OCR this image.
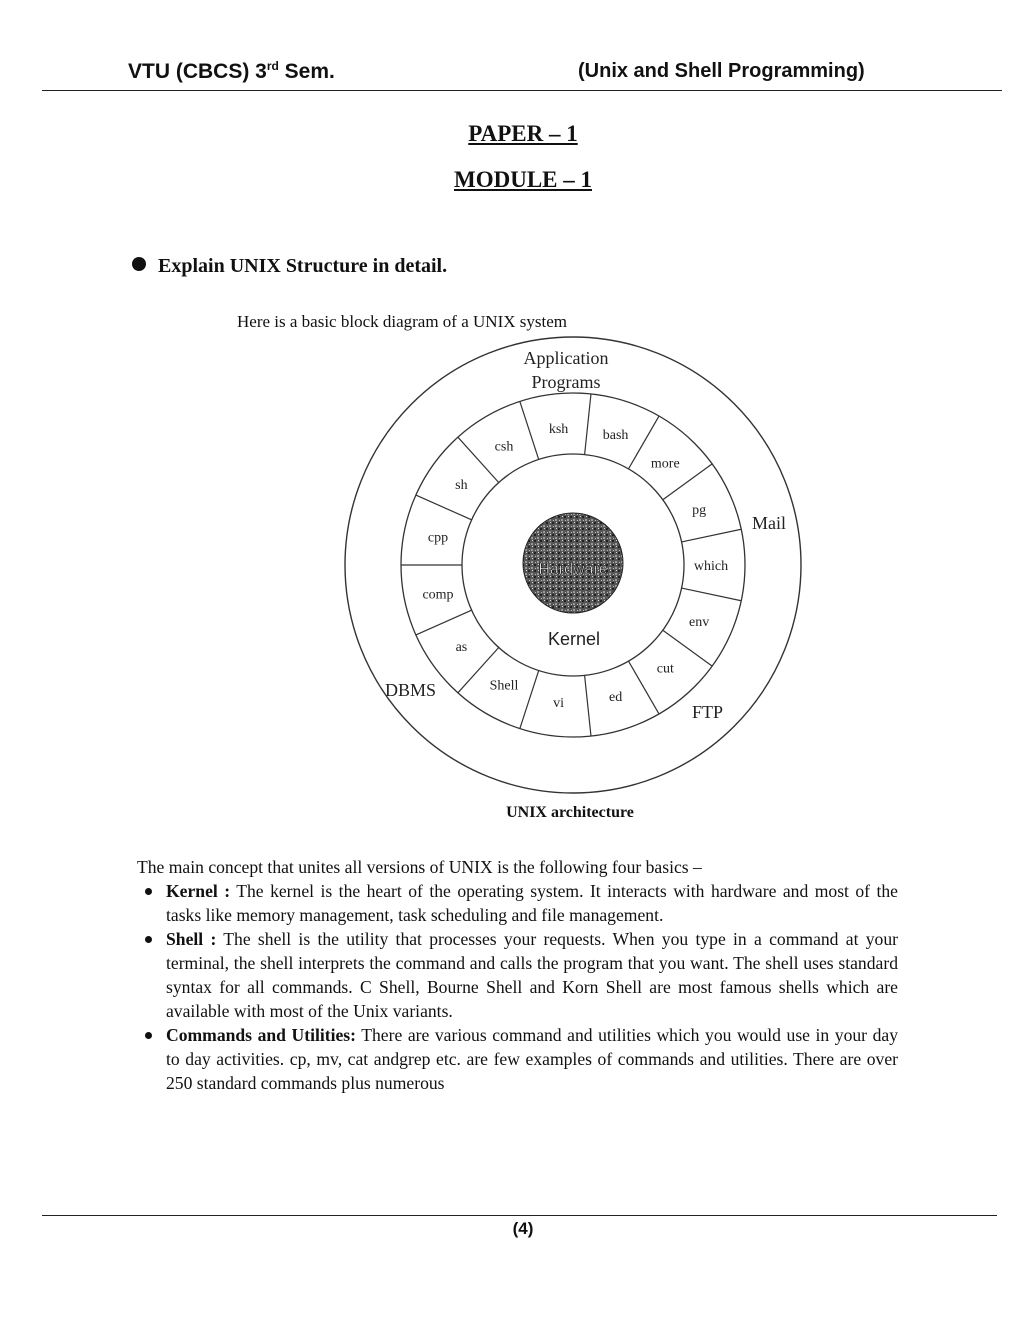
VTU (CBCS) 3rd Sem.	(Unix and Shell Programming)
PAPER – 1
MODULE – 1
Explain UNIX Structure in detail.
Here is a basic block diagram of a UNIX system
Hardware
Kernel
Application
Programs
Mail
DBMS
FTP
bash
more
pg
which
env
cut
ed
vi
Shell
as
comp
cpp
sh
csh
ksh
UNIX architecture
The main concept that unites all versions of UNIX is the following four basics –
Kernel : The kernel is the heart of the operating system. It interacts with hardware and most of the tasks like memory management, task scheduling and file management.
Shell : The shell is the utility that processes your requests. When you type in a command at your terminal, the shell interprets the command and calls the program that you want. The shell uses standard syntax for all commands. C Shell, Bourne Shell and Korn Shell are most famous shells which are available with most of the Unix variants.
Commands and Utilities: There are various command and utilities which you would use in your day to day activities. cp, mv, cat andgrep etc. are few examples of commands and utilities. There are over 250 standard commands plus numerous
(4)
